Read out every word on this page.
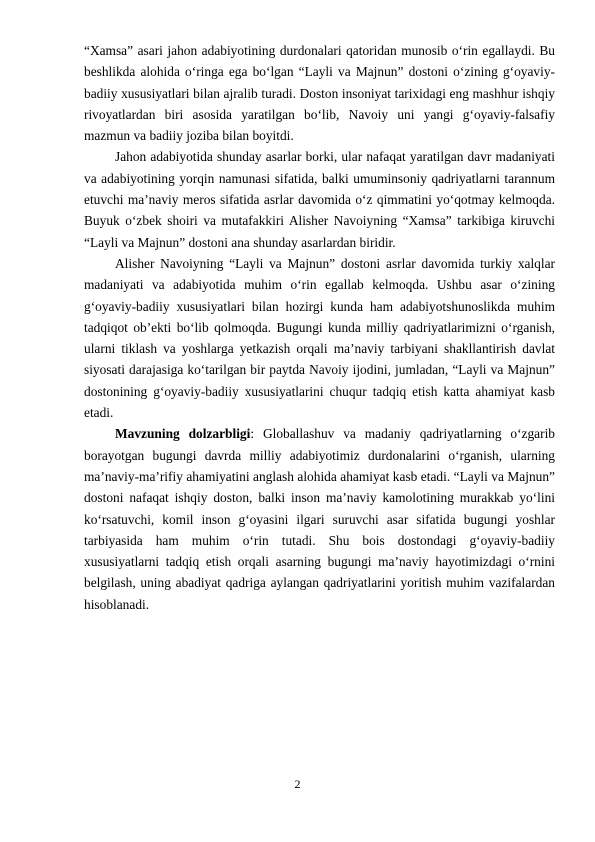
“Xamsa” asari jahon adabiyotining durdonalari qatoridan munosib o‘rin egallaydi. Bu beshlikda alohida o‘ringa ega bo‘lgan “Layli va Majnun” dostoni o‘zining g‘oyaviy-badiiy xususiyatlari bilan ajralib turadi. Doston insoniyat tarixidagi eng mashhur ishqiy rivoyatlardan biri asosida yaratilgan bo‘lib, Navoiy uni yangi g‘oyaviy-falsafiy mazmun va badiiy joziba bilan boyitdi.

Jahon adabiyotida shunday asarlar borki, ular nafaqat yaratilgan davr madaniyati va adabiyotining yorqin namunasi sifatida, balki umuminsoniy qadriyatlarni tarannum etuvchi ma’naviy meros sifatida asrlar davomida o‘z qimmatini yo‘qotmay kelmoqda. Buyuk o‘zbek shoiri va mutafakkiri Alisher Navoiyning “Xamsa” tarkibiga kiruvchi “Layli va Majnun” dostoni ana shunday asarlardan biridir.

Alisher Navoiyning “Layli va Majnun” dostoni asrlar davomida turkiy xalqlar madaniyati va adabiyotida muhim o‘rin egallab kelmoqda. Ushbu asar o‘zining g‘oyaviy-badiiy xususiyatlari bilan hozirgi kunda ham adabiyotshunoslikda muhim tadqiqot ob’ekti bo‘lib qolmoqda. Bugungi kunda milliy qadriyatlarimizni o‘rganish, ularni tiklash va yoshlarga yetkazish orqali ma’naviy tarbiyani shakllantirish davlat siyosati darajasiga ko‘tarilgan bir paytda Navoiy ijodini, jumladan, “Layli va Majnun” dostonining g‘oyaviy-badiiy xususiyatlarini chuqur tadqiq etish katta ahamiyat kasb etadi.

Mavzuning dolzarbligi: Globallashuv va madaniy qadriyatlarning o‘zgarib borayotgan bugungi davrda milliy adabiyotimiz durdonalarini o‘rganish, ularning ma’naviy-ma’rifiy ahamiyatini anglash alohida ahamiyat kasb etadi. “Layli va Majnun” dostoni nafaqat ishqiy doston, balki inson ma’naviy kamolotining murakkab yo‘lini ko‘rsatuvchi, komil inson g‘oyasini ilgari suruvchi asar sifatida bugungi yoshlar tarbiyasida ham muhim o‘rin tutadi. Shu bois dostondagi g‘oyaviy-badiiy xususiyatlarni tadqiq etish orqali asarning bugungi ma’naviy hayotimizdagi o‘rnini belgilash, uning abadiyat qadriga aylangan qadriyatlarini yoritish muhim vazifalardan hisoblanadi.

2
